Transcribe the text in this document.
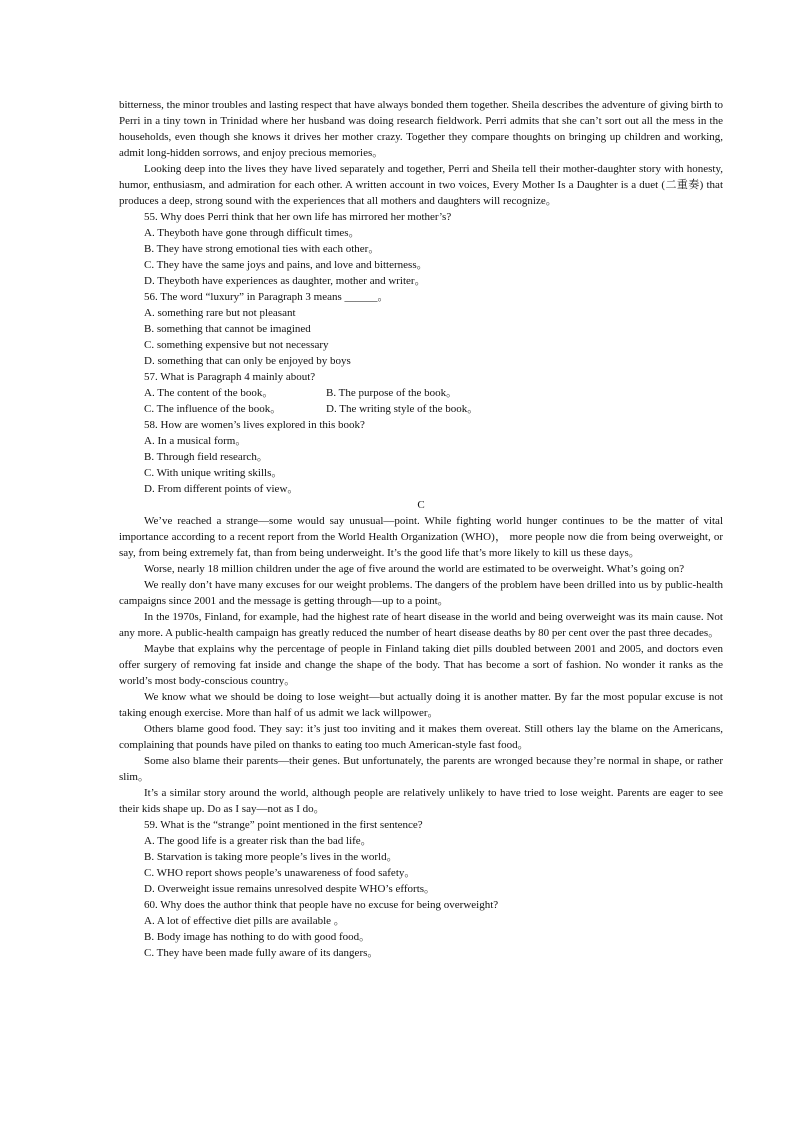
bitterness, the minor troubles and lasting respect that have always bonded them together. Sheila describes the adventure of giving birth to Perri in a tiny town in Trinidad where her husband was doing research fieldwork. Perri admits that she can’t sort out all the mess in the households, even though she knows it drives her mother crazy. Together they compare thoughts on bringing up children and working, admit long-hidden sorrows, and enjoy precious memories。

Looking deep into the lives they have lived separately and together, Perri and Sheila tell their mother-daughter story with honesty, humor, enthusiasm, and admiration for each other. A written account in two voices, Every Mother Is a Daughter is a duet (二重奏) that produces a deep, strong sound with the experiences that all mothers and daughters will recognize。

55. Why does Perri think that her own life has mirrored her mother’s?
A. Theyboth have gone through difficult times。
B. They have strong emotional ties with each other。
C. They have the same joys and pains, and love and bitterness。
D. Theyboth have experiences as daughter, mother and writer。
56. The word “luxury” in Paragraph 3 means ______。
A. something rare but not pleasant
B. something that cannot be imagined
C. something expensive but not necessary
D. something that can only be enjoyed by boys
57. What is Paragraph 4 mainly about?
A. The content of the book。	B. The purpose of the book。
C. The influence of the book。	D. The writing style of the book。
58. How are women’s lives explored in this book?
A. In a musical form。
B. Through field research。
C. With unique writing skills。
D. From different points of view。
C

We’ve reached a strange—some would say unusual—point. While fighting world hunger continues to be the matter of vital importance according to a recent report from the World Health Organization (WHO)， more people now die from being overweight, or say, from being extremely fat, than from being underweight. It’s the good life that’s more likely to kill us these days。

Worse, nearly 18 million children under the age of five around the world are estimated to be overweight. What’s going on?

We really don’t have many excuses for our weight problems. The dangers of the problem have been drilled into us by public-health campaigns since 2001 and the message is getting through—up to a point。

In the 1970s, Finland, for example, had the highest rate of heart disease in the world and being overweight was its main cause. Not any more. A public-health campaign has greatly reduced the number of heart disease deaths by 80 per cent over the past three decades。

Maybe that explains why the percentage of people in Finland taking diet pills doubled between 2001 and 2005, and doctors even offer surgery of removing fat inside and change the shape of the body. That has become a sort of fashion. No wonder it ranks as the world’s most body-conscious country。

We know what we should be doing to lose weight—but actually doing it is another matter. By far the most popular excuse is not taking enough exercise. More than half of us admit we lack willpower。

Others blame good food. They say: it’s just too inviting and it makes them overeat. Still others lay the blame on the Americans, complaining that pounds have piled on thanks to eating too much American-style fast food。

Some also blame their parents—their genes. But unfortunately, the parents are wronged because they’re normal in shape, or rather slim。

It’s a similar story around the world, although people are relatively unlikely to have tried to lose weight. Parents are eager to see their kids shape up. Do as I say—not as I do。

59. What is the “strange” point mentioned in the first sentence?
A. The good life is a greater risk than the bad life。
B. Starvation is taking more people’s lives in the world。
C. WHO report shows people’s unawareness of food safety。
D. Overweight issue remains unresolved despite WHO’s efforts。
60. Why does the author think that people have no excuse for being overweight?
A. A lot of effective diet pills are available 。
B. Body image has nothing to do with good food。
C. They have been made fully aware of its dangers。
